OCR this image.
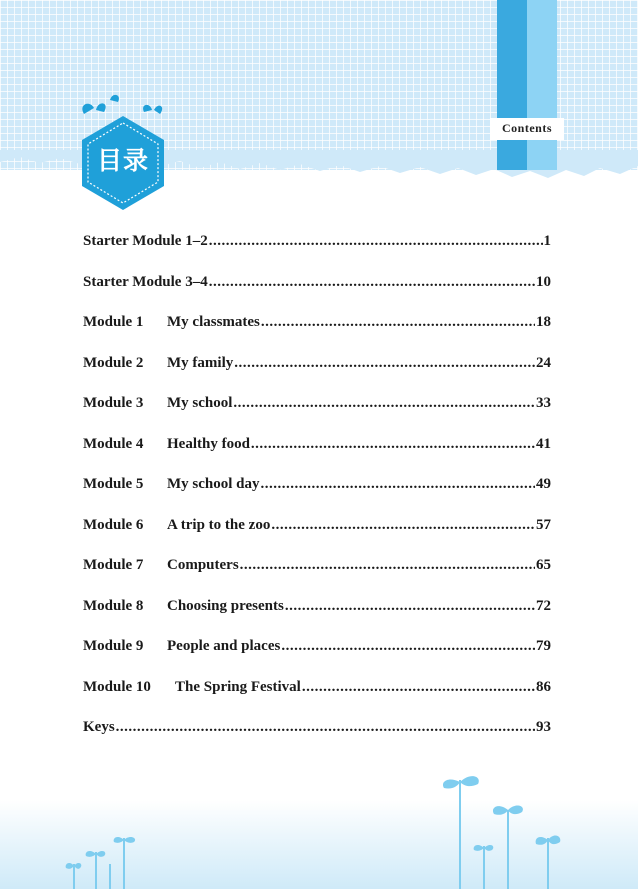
Contents
目录
Starter Module 1–2 .....	1
Starter Module 3–4 .....	10
Module 1	My classmates .....	18
Module 2	My family .....	24
Module 3	My school .....	33
Module 4	Healthy food .....	41
Module 5	My school day .....	49
Module 6	A trip to the zoo .....	57
Module 7	Computers .....	65
Module 8	Choosing presents .....	72
Module 9	People and places .....	79
Module 10	The Spring Festival .....	86
Keys .....	93
